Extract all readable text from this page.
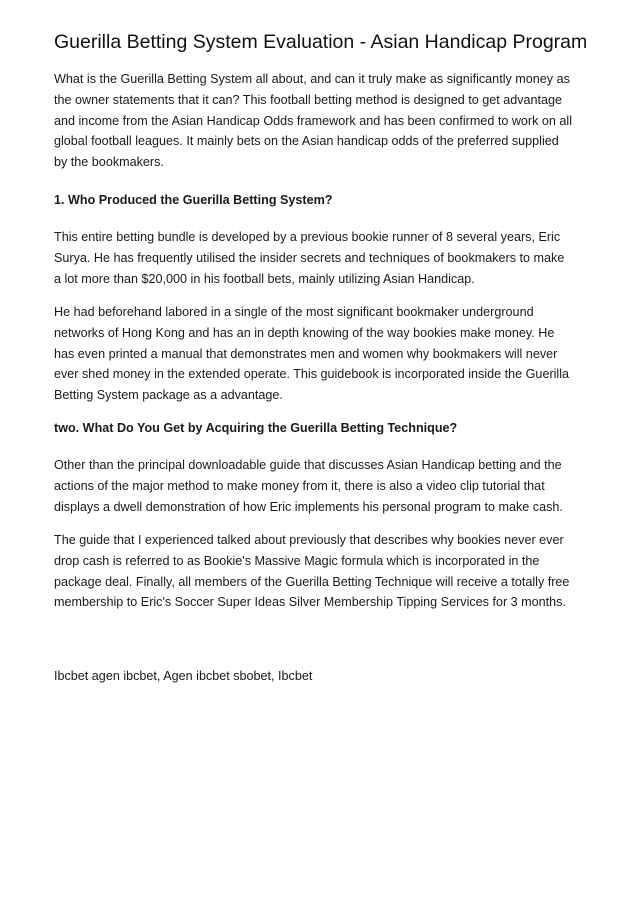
Guerilla Betting System Evaluation - Asian Handicap Program

What is the Guerilla Betting System all about, and can it truly make as significantly money as
the owner statements that it can? This football betting method is designed to get advantage
and income from the Asian Handicap Odds framework and has been confirmed to work on all
global football leagues. It mainly bets on the Asian handicap odds of the preferred supplied
by the bookmakers.

1. Who Produced the Guerilla Betting System?

This entire betting bundle is developed by a previous bookie runner of 8 several years, Eric
Surya. He has frequently utilised the insider secrets and techniques of bookmakers to make
a lot more than $20,000 in his football bets, mainly utilizing Asian Handicap.

He had beforehand labored in a single of the most significant bookmaker underground
networks of Hong Kong and has an in depth knowing of the way bookies make money. He
has even printed a manual that demonstrates men and women why bookmakers will never
ever shed money in the extended operate. This guidebook is incorporated inside the Guerilla
Betting System package as a advantage.

two. What Do You Get by Acquiring the Guerilla Betting Technique?

Other than the principal downloadable guide that discusses Asian Handicap betting and the
actions of the major method to make money from it, there is also a video clip tutorial that
displays a dwell demonstration of how Eric implements his personal program to make cash.

The guide that I experienced talked about previously that describes why bookies never ever
drop cash is referred to as Bookie's Massive Magic formula which is incorporated in the
package deal. Finally, all members of the Guerilla Betting Technique will receive a totally free
membership to Eric's Soccer Super Ideas Silver Membership Tipping Services for 3 months.

Ibcbet agen ibcbet, Agen ibcbet sbobet, Ibcbet
